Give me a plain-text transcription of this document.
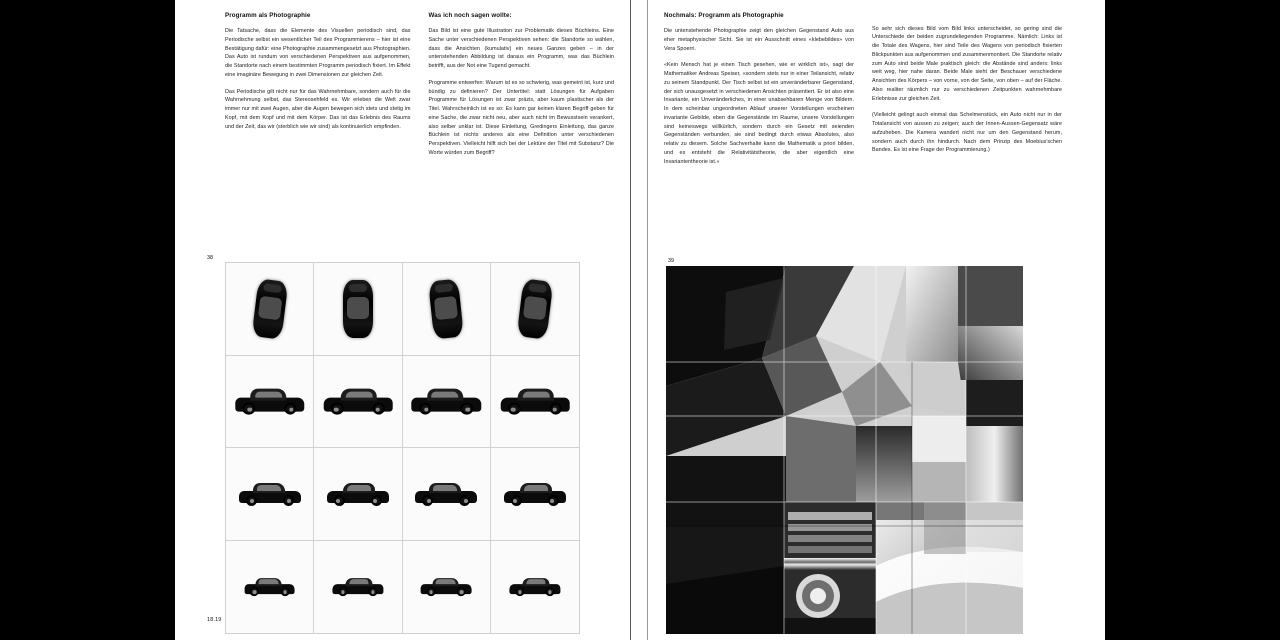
Programm als Photographie

Die Tatsache, dass die Elemente des Visuellen periodisch sind, das Periodische selbst ein wesentlicher Teil des Programmierens – hier ist eine Bestätigung dafür: eine Photographie zusammengesetzt aus Photographien. Das Auto ist rundum von verschiedenen Perspektiven aus aufgenommen, die Standorte nach einem bestimmten Programm periodisch fixiert. Im Effekt eine imaginäre Bewegung in zwei Dimensionen zur gleichen Zeit.

Das Periodische gilt nicht nur für das Wahrnehmbare, sondern auch für die Wahrnehmung selbst, das Stereosehfeld es. Wir erleben die Welt zwar immer nur mit zwei Augen, aber die Augen bewegen sich stets und stetig im Kopf, mit dem Kopf und mit dem Körper. Das ist das Erlebnis des Raums und der Zeit, das wir (sterblich wie wir sind) als kontinuierlich empfinden.

Was ich noch sagen wollte:

Das Bild ist eine gute Illustration zur Problematik dieses Büchleins. Eine Sache unter verschiedenen Perspektiven sehen: die Standorte so wählen, dass die Ansichten (kumulativ) ein neues Ganzes geben – in der untenstehenden Abbildung ist daraus ein Programm, was das Büchlein betrifft, aus der Not eine Tugend gemacht.

Programme entwerfen: Warum ist es so schwierig, was gemeint ist, kurz und bündig zu definieren? Der Untertitel: statt Lösungen für Aufgaben Programme für Lösungen ist zwar präzis, aber kaum plastischer als der Titel. Wahrscheinlich ist es so: Es kann gar keinen klaren Begriff geben für eine Sache, die zwar nicht neu, aber auch nicht im Bewusstsein verankert, also selber unklar ist. Diese Einleitung, Gredingers Einleitung, das ganze Büchlein ist nichts anderes als eine Definition unter verschiedenen Perspektiven. Vielleicht hilft sich bei der Lektüre der Titel mit Substanz? Die Worte würden zum Begriff?

38
18.19
Nochmals: Programm als Photographie

Die untenstehende Photographie zeigt den gleichen Gegenstand Auto aus eher metaphysischer Sicht. Sie ist ein Ausschnitt eines «klebebildes» von Vera Spoerri.

«Kein Mensch hat je einen Tisch gesehen, wie er wirklich ist», sagt der Mathematiker Andreas Speiser, «sondern stets nur in einer Teilansicht, relativ zu seinem Standpunkt. Der Tisch selbst ist ein unveränderbarer Gegenstand, der sich unausgesetzt in verschiedenen Ansichten präsentiert. Er ist also eine Invariante, ein Unveränderliches, in einer unabsehbaren Menge von Bildern. In dem scheinbar ungeordneten Ablauf unserer Vorstellungen erscheinen invariante Gebilde, eben die Gegenstände im Raume, unsere Vorstellungen sind keineswegs willkürlich, sondern durch ein Gesetz mit seienden Gegenständen verbunden, sie sind bedingt durch etwas Absolutes, also relativ zu diesem. Solche Sachverhalte kann die Mathematik a priori bilden, und es entsteht die Relativitätstheorie, die aber eigentlich eine Invariantentheorie ist.»

So sehr sich dieses Bild vom Bild links unterscheidet, so gering sind die Unterschiede der beiden zugrundeliegenden Programme. Nämlich: Links ist die Totale des Wagens, hier sind Teile des Wagens von periodisch fixierten Blickpunkten aus aufgenommen und zusammenmontiert. Die Standorte relativ zum Auto sind beide Male praktisch gleich: die Abstände sind anders: links weit weg, hier nahe daran. Beide Male sieht der Beschauer verschiedene Ansichten des Körpers – von vorne, von der Seite, von oben – auf der Fläche. Also realiter räumlich nur zu verschiedenen Zeitpunkten wahrnehmbare Erlebnisse zur gleichen Zeit.

(Vielleicht gelingt auch einmal das Schelmenstück, ein Auto nicht nur in der Totalansicht von aussen zu zeigen; auch der Innen-Aussen-Gegensatz wäre aufzuheben. Die Kamera wandert nicht nur um den Gegenstand herum, sondern auch durch ihn hindurch. Nach dem Prinzip des Moebius'schen Bandes. Es ist eine Frage der Programmierung.)

39
